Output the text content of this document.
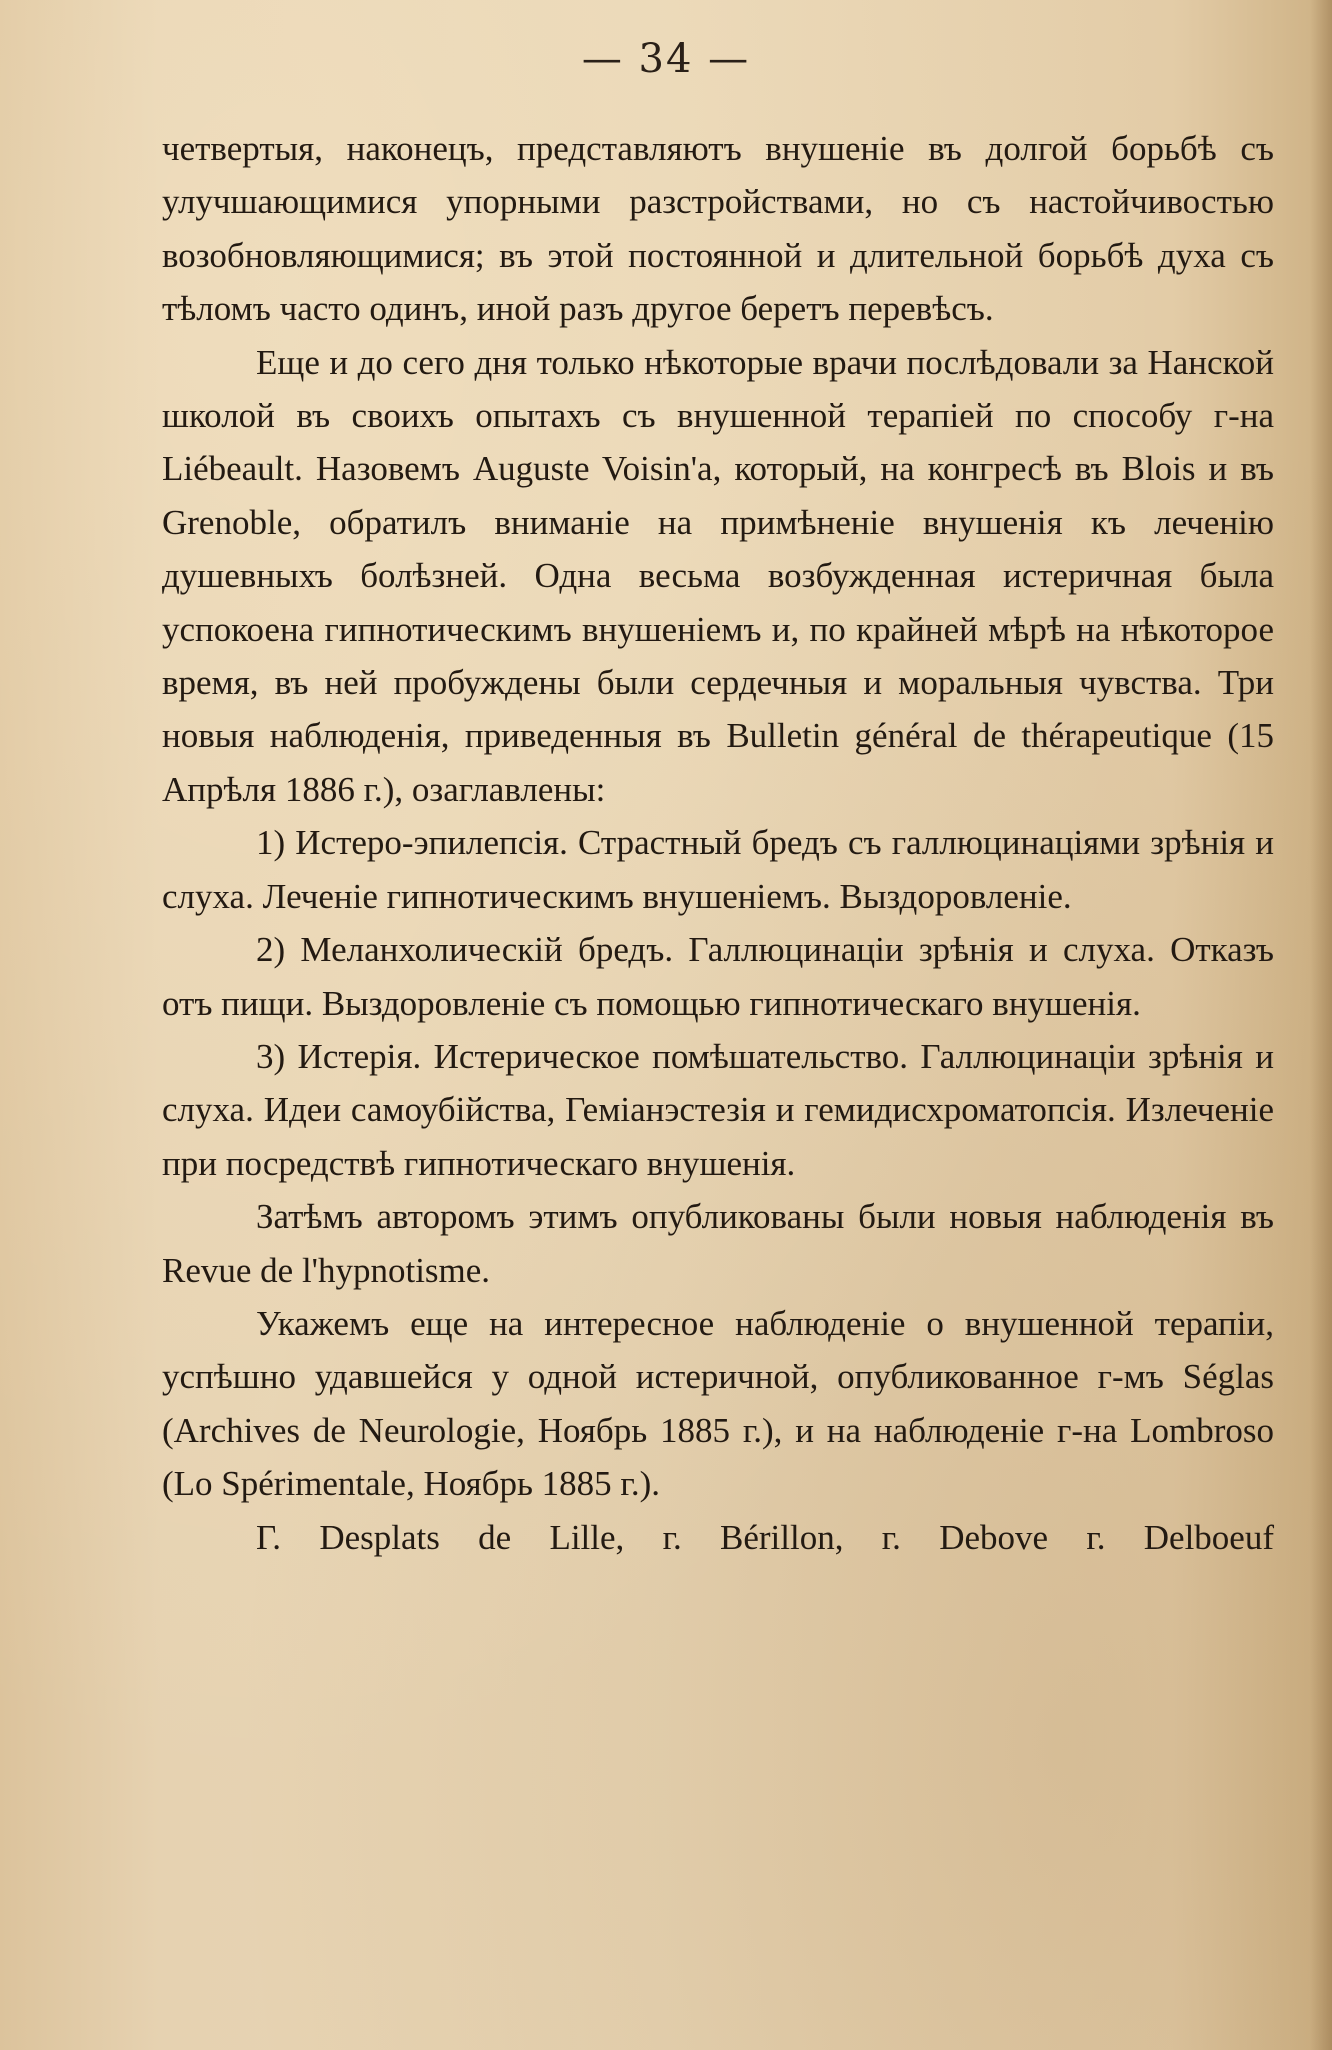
— 34 —

четвертыя, наконецъ, представляютъ внушеніе въ долгой борьбѣ съ улучшающимися упорными разстройствами, но съ настойчивостью возобновляющимися; въ этой постоянной и длительной борьбѣ духа съ тѣломъ часто одинъ, иной разъ другое беретъ перевѣсъ.

Еще и до сего дня только нѣкоторые врачи послѣдовали за Нанской школой въ своихъ опытахъ съ внушенной терапіей по способу г-на Liébeault. Назовемъ Auguste Voisin'а, который, на конгресѣ въ Blois и въ Grenoble, обратилъ вниманіе на примѣненіе внушенія къ леченію душевныхъ болѣзней. Одна весьма возбужденная истеричная была успокоена гипнотическимъ внушеніемъ и, по крайней мѣрѣ на нѣкоторое время, въ ней пробуждены были сердечныя и моральныя чувства. Три новыя наблюденія, приведенныя въ Bulletin général de thérapeutique (15 Апрѣля 1886 г.), озаглавлены:

1) Истеро-эпилепсія. Страстный бредъ съ галлюцинаціями зрѣнія и слуха. Леченіе гипнотическимъ внушеніемъ. Выздоровленіе.

2) Меланхолическій бредъ. Галлюцинаціи зрѣнія и слуха. Отказъ отъ пищи. Выздоровленіе съ помощью гипнотическаго внушенія.

3) Истерія. Истерическое помѣшательство. Галлюцинаціи зрѣнія и слуха. Идеи самоубійства, Геміанэстезія и гемидисхроматопсія. Излеченіе при посредствѣ гипнотическаго внушенія.

Затѣмъ авторомъ этимъ опубликованы были новыя наблюденія въ Revue de l'hypnotisme.

Укажемъ еще на интересное наблюденіе о внушенной терапіи, успѣшно удавшейся у одной истеричной, опубликованное г-мъ Séglas (Archives de Neurologie, Ноябрь 1885 г.), и на наблюденіе г-на Lombroso (Lo Spérimentale, Ноябрь 1885 г.).

Г. Desplats de Lille, г. Bérillon, г. Debove г. Delboeuf
